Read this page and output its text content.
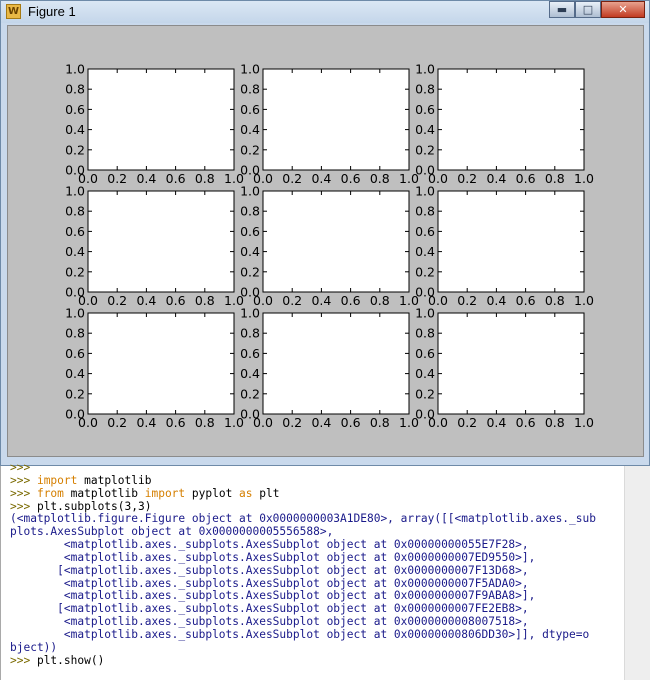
W Figure 1	▬	□	✕
0.0 0.2 0.4 0.6 0.8 1.0
0.0
0.2
0.4
0.6
0.8
1.0
0.0 0.2 0.4 0.6 0.8 1.0
0.0
0.2
0.4
0.6
0.8
1.0
0.0 0.2 0.4 0.6 0.8 1.0
0.0
0.2
0.4
0.6
0.8
1.0
0.0 0.2 0.4 0.6 0.8 1.0
0.0
0.2
0.4
0.6
0.8
1.0
0.0 0.2 0.4 0.6 0.8 1.0
0.0
0.2
0.4
0.6
0.8
1.0
0.0 0.2 0.4 0.6 0.8 1.0
0.0
0.2
0.4
0.6
0.8
1.0
0.0 0.2 0.4 0.6 0.8 1.0
0.0
0.2
0.4
0.6
0.8
1.0
0.0 0.2 0.4 0.6 0.8 1.0
0.0
0.2
0.4
0.6
0.8
1.0
0.0 0.2 0.4 0.6 0.8 1.0
0.0
0.2
0.4
0.6
0.8
1.0
>>>
>>> import matplotlib
>>> from matplotlib import pyplot as plt
>>> plt.subplots(3,3)
(<matplotlib.figure.Figure object at 0x0000000003A1DE80>, array([[<matplotlib.axes._sub
plots.AxesSubplot object at 0x0000000005556588>,
<matplotlib.axes._subplots.AxesSubplot object at 0x00000000055E7F28>,
<matplotlib.axes._subplots.AxesSubplot object at 0x0000000007ED9550>],
[<matplotlib.axes._subplots.AxesSubplot object at 0x0000000007F13D68>,
<matplotlib.axes._subplots.AxesSubplot object at 0x0000000007F5ADA0>,
<matplotlib.axes._subplots.AxesSubplot object at 0x0000000007F9ABA8>],
[<matplotlib.axes._subplots.AxesSubplot object at 0x0000000007FE2EB8>,
<matplotlib.axes._subplots.AxesSubplot object at 0x0000000008007518>,
<matplotlib.axes._subplots.AxesSubplot object at 0x00000000806DD30>]], dtype=o
bject))
>>> plt.show()
